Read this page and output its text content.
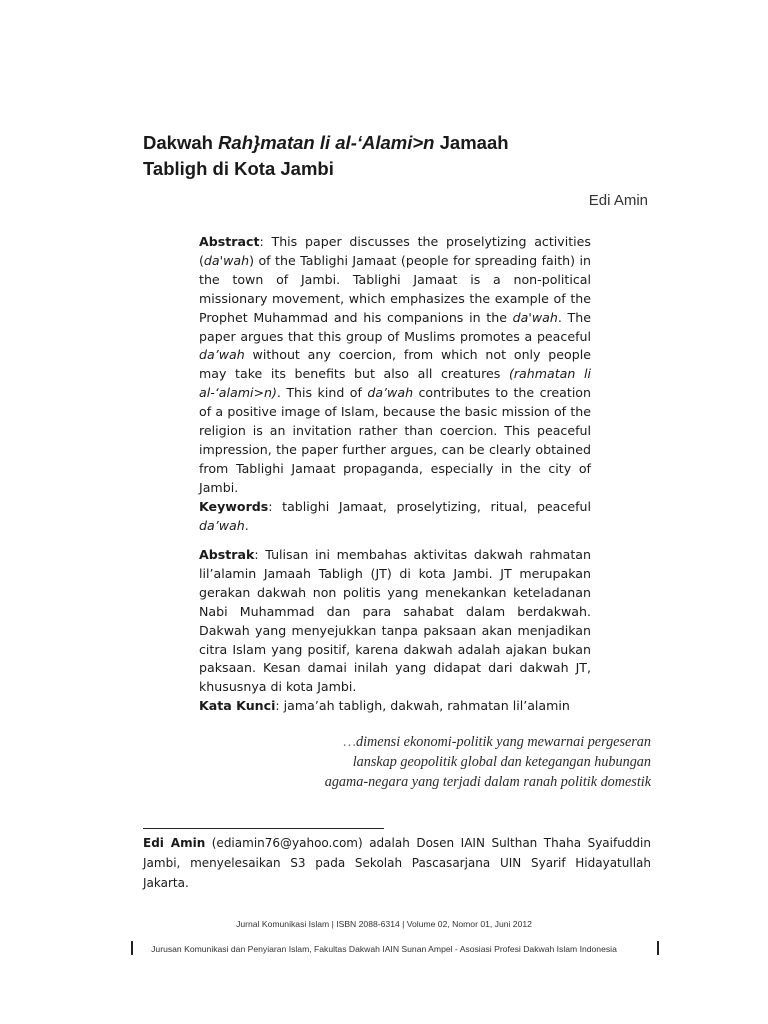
Dakwah Rah}matan li al-‘Alami>n Jamaah
Tabligh di Kota Jambi
Edi Amin

Abstract: This paper discusses the proselytizing activities (da'wah) of the Tablighi Jamaat (people for spreading faith) in the town of Jambi. Tablighi Jamaat is a non-political missionary movement, which emphasizes the example of the Prophet Muhammad and his companions in the da'wah. The paper argues that this group of Muslims promotes a peaceful da’wah without any coercion, from which not only people may take its benefits but also all creatures (rahmatan li al-‘alami>n). This kind of da’wah contributes to the creation of a positive image of Islam, because the basic mission of the religion is an invitation rather than coercion. This peaceful impression, the paper further argues, can be clearly obtained from Tablighi Jamaat propaganda, especially in the city of Jambi.

Keywords: tablighi Jamaat, proselytizing, ritual, peaceful da’wah.

Abstrak: Tulisan ini membahas aktivitas dakwah rahmatan lil’alamin Jamaah Tabligh (JT) di kota Jambi. JT merupakan gerakan dakwah non politis yang menekankan keteladanan Nabi Muhammad dan para sahabat dalam berdakwah. Dakwah yang menyejukkan tanpa paksaan akan menjadikan citra Islam yang positif, karena dakwah adalah ajakan bukan paksaan. Kesan damai inilah yang didapat dari dakwah JT, khususnya di kota Jambi.

Kata Kunci: jama’ah tabligh, dakwah, rahmatan lil’alamin

…dimensi ekonomi-politik yang mewarnai pergeseran
lanskap geopolitik global dan ketegangan hubungan
agama-negara yang terjadi dalam ranah politik domestik
Edi Amin (ediamin76@yahoo.com) adalah Dosen IAIN Sulthan Thaha Syaifuddin Jambi, menyelesaikan S3 pada Sekolah Pascasarjana UIN Syarif Hidayatullah Jakarta.
Jurnal Komunikasi Islam | ISBN 2088-6314 | Volume 02, Nomor 01, Juni 2012
Jurusan Komunikasi dan Penyiaran Islam, Fakultas Dakwah IAIN Sunan Ampel - Asosiasi Profesi Dakwah Islam Indonesia
